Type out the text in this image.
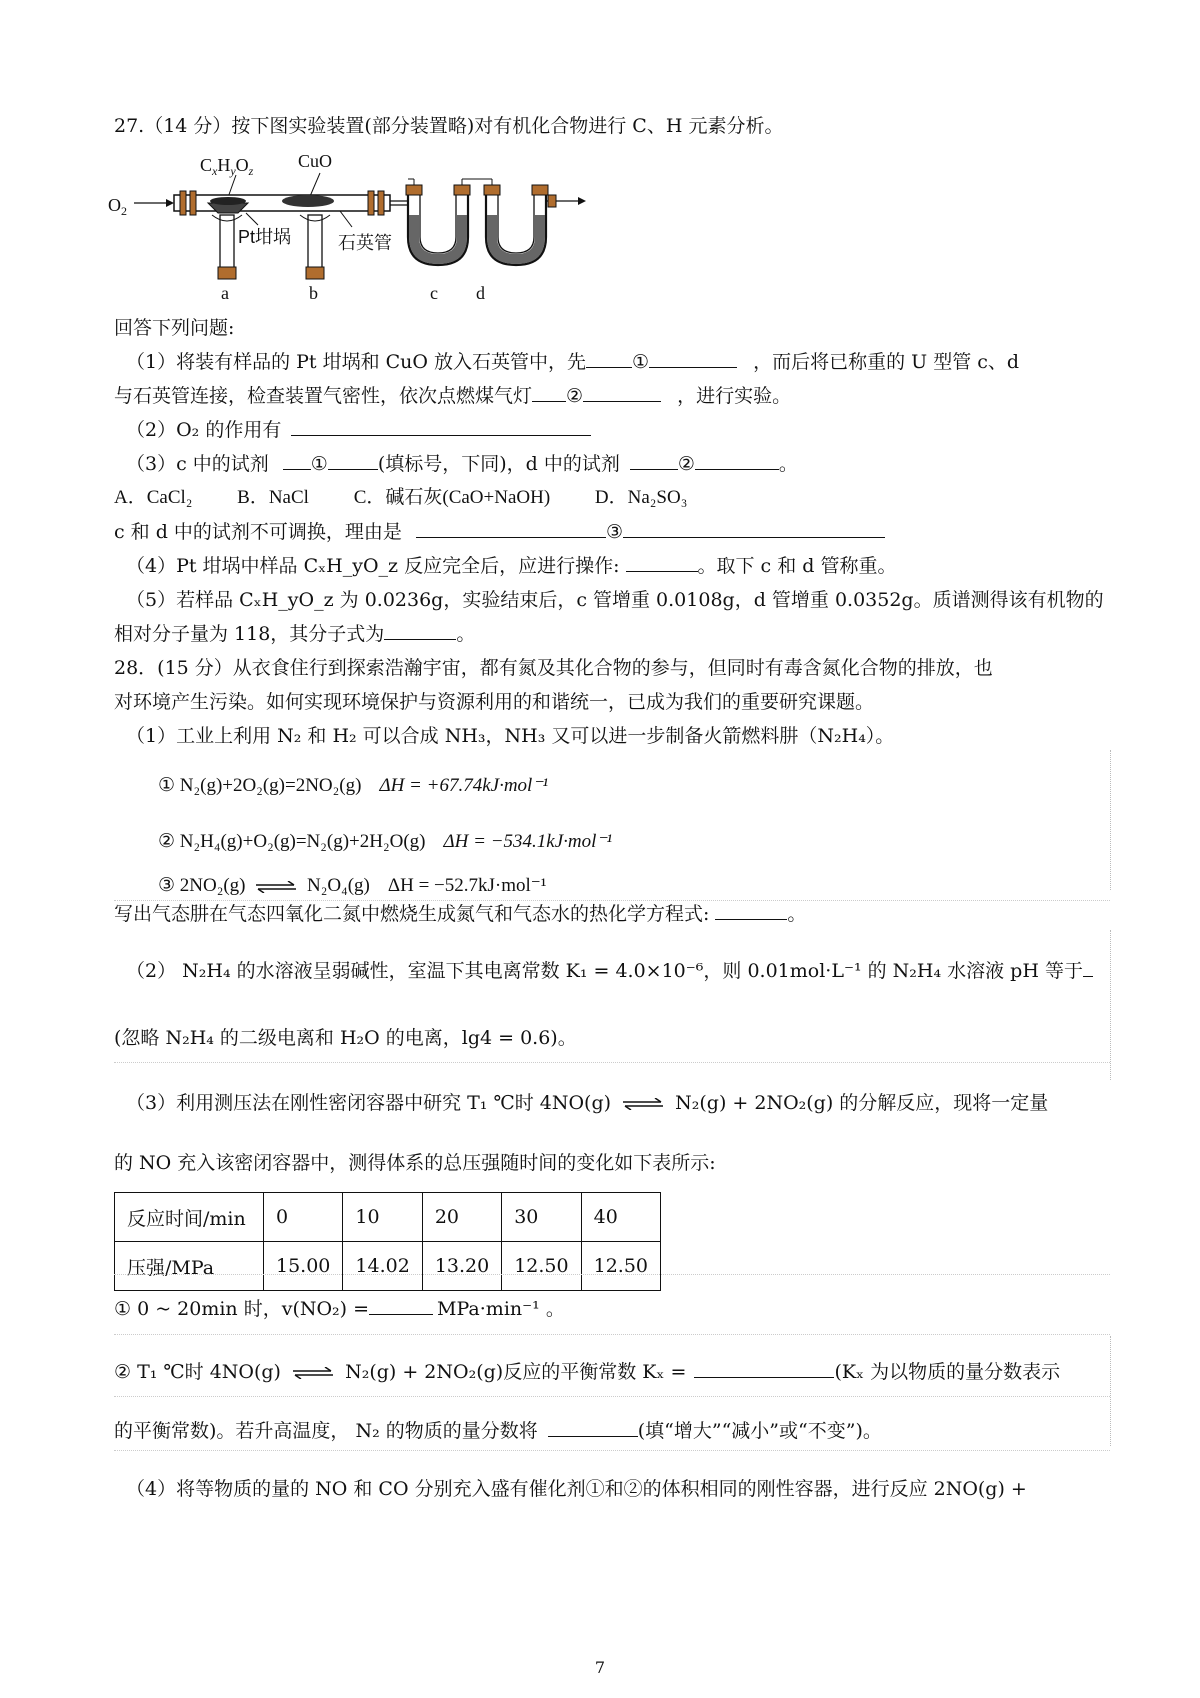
27.（14 分）按下图实验装置(部分装置略)对有机化合物进行 C、H 元素分析。
$C_xH_yO_z$ CuO
$O_2$
Pt坩埚	石英管
a	b	c d
回答下列问题:
（1）将装有样品的 Pt 坩埚和 CuO 放入石英管中，先 ①	，而后将已称重的 U 型管 c、d
与石英管连接，检查装置气密性，依次点燃煤气灯 ②	，进行实验。
（2）O₂ 的作用有
（3）c 中的试剂 ①	(填标号，下同)，d 中的试剂	②	。
A．CaCl₂ B．NaCl C．碱石灰(CaO+NaOH) D．Na₂SO₃
c 和 d 中的试剂不可调换，理由是	③
（4）Pt 坩埚中样品 CₓH_yO_z 反应完全后，应进行操作:	。取下 c 和 d 管称重。
（5）若样品 CₓH_yO_z 为 0.0236g，实验结束后，c 管增重 0.0108g，d 管增重 0.0352g。质谱测得该有机物的
相对分子量为 118，其分子式为	。
28．(15 分）从衣食住行到探索浩瀚宇宙，都有氮及其化合物的参与，但同时有毒含氮化合物的排放，也
对环境产生污染。如何实现环境保护与资源利用的和谐统一，已成为我们的重要研究课题。
（1）工业上利用 N₂ 和 H₂ 可以合成 NH₃，NH₃ 又可以进一步制备火箭燃料肼（N₂H₄）。
① N₂(g)+2O₂(g)=2NO₂(g) ΔH = +67.74kJ·mol⁻¹
② N₂H₄(g)+O₂(g)=N₂(g)+2H₂O(g) ΔH = −534.1kJ·mol⁻¹
③ 2NO₂(g) ⇌ N₂O₄(g) ΔH = −52.7kJ·mol⁻¹
写出气态肼在气态四氧化二氮中燃烧生成氮气和气态水的热化学方程式:	。
（2） N₂H₄ 的水溶液呈弱碱性，室温下其电离常数 K₁ = 4.0×10⁻⁶，则 0.01mol·L⁻¹ 的 N₂H₄ 水溶液 pH 等于
(忽略 N₂H₄ 的二级电离和 H₂O 的电离，lg4 = 0.6)。
（3）利用测压法在刚性密闭容器中研究 T₁ ℃时 4NO(g) ⇌ N₂(g) + 2NO₂(g) 的分解反应，现将一定量
的 NO 充入该密闭容器中，测得体系的总压强随时间的变化如下表所示:
反应时间/min	0	10	20	30	40
压强/MPa	15.00	14.02	13.20	12.50	12.50
① 0 ~ 20min 时，v(NO₂) =	MPa·min⁻¹ 。
② T₁ ℃时 4NO(g) ⇌ N₂(g) + 2NO₂(g)反应的平衡常数 Kₓ =	(Kₓ 为以物质的量分数表示
的平衡常数)。若升高温度， N₂ 的物质的量分数将	(填“增大”“减小”或“不变”)。
（4）将等物质的量的 NO 和 CO 分别充入盛有催化剂①和②的体积相同的刚性容器，进行反应 2NO(g) +
7
